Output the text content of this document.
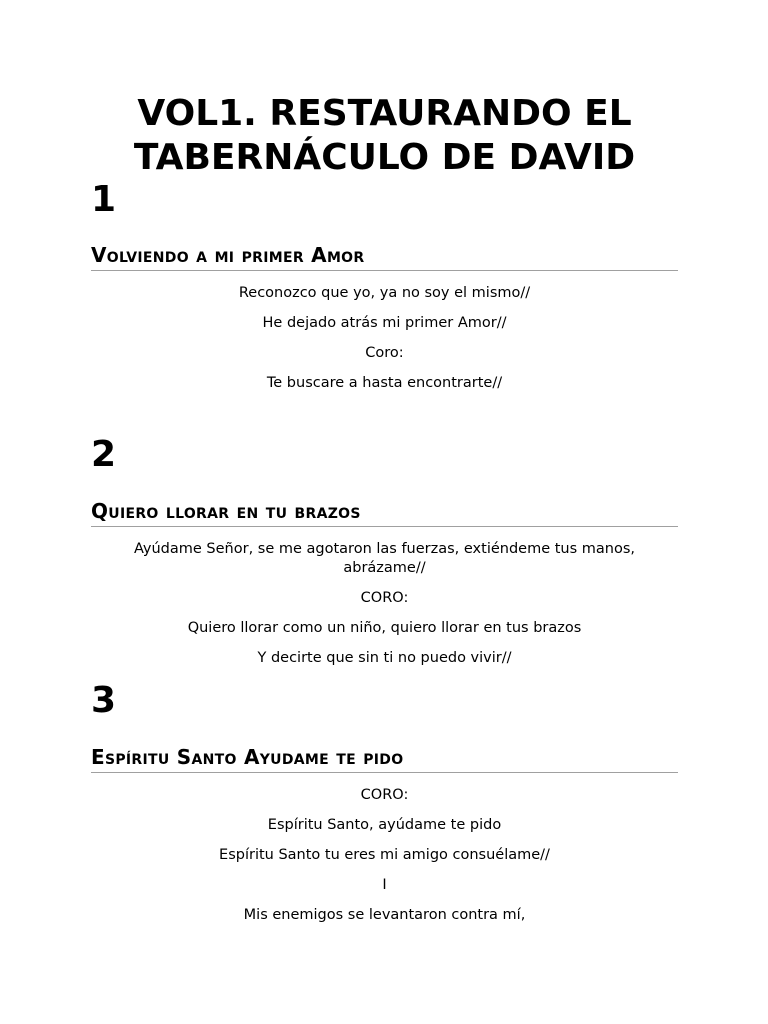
VOL1. RESTAURANDO EL TABERNÁCULO DE DAVID
1
Volviendo a mi primer Amor

Reconozco que yo, ya no soy el mismo//

He dejado atrás mi primer Amor//

Coro:

Te buscare a hasta encontrarte//

2
Quiero llorar en tu brazos

Ayúdame Señor, se me agotaron las fuerzas, extiéndeme tus manos, abrázame//

CORO:

Quiero llorar como un niño, quiero llorar en tus brazos

Y decirte que sin ti no puedo vivir//

3
Espíritu Santo Ayudame te pido

CORO:

Espíritu Santo, ayúdame te pido

Espíritu Santo tu eres mi amigo consuélame//

I

Mis enemigos se levantaron contra mí,
